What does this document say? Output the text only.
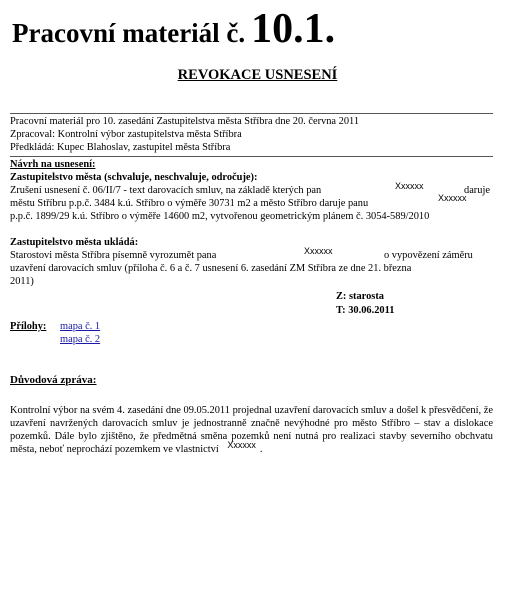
Pracovní materiál č. 10.1.
REVOKACE USNESENÍ
Pracovní materiál pro 10. zasedání Zastupitelstva města Stříbra dne 20. června 2011
Zpracoval: Kontrolní výbor zastupitelstva města Stříbra
Předkládá: Kupec Blahoslav, zastupitel města Stříbra
Návrh na usnesení:
Zastupitelstvo města (schvaluje, neschvaluje, odročuje):
Zrušení usnesení č. 06/II/7 - text darovacích smluv, na základě kterých pan	Xxxxxx	daruje
městu Stříbru p.p.č. 3484 k.ú. Stříbro o výměře 30731 m2 a město Stříbro daruje panu	Xxxxxx
p.p.č. 1899/29 k.ú. Stříbro o výměře 14600 m2, vytvořenou geometrickým plánem č. 3054-589/2010
Zastupitelstvo města ukládá:
Starostovi města Stříbra písemně vyrozumět pana	Xxxxxx	o vypovězení záměru
uzavření darovacích smluv (příloha č. 6 a č. 7 usnesení 6. zasedání ZM Stříbra ze dne 21. března
2011)
Z: starosta
T: 30.06.2011
Přílohy: mapa č. 1
mapa č. 2
Důvodová zpráva:
Kontrolní výbor na svém 4. zasedání dne 09.05.2011 projednal uzavření darovacích smluv a došel k přesvědčení, že uzavření navržených darovacích smluv je jednostranně značně nevýhodné pro město Stříbro – stav a dislokace pozemků. Dále bylo zjištěno, že předmětná směna pozemků není nutná pro realizaci stavby severního obchvatu města, neboť neprochází pozemkem ve vlastnictví Xxxxxx .
